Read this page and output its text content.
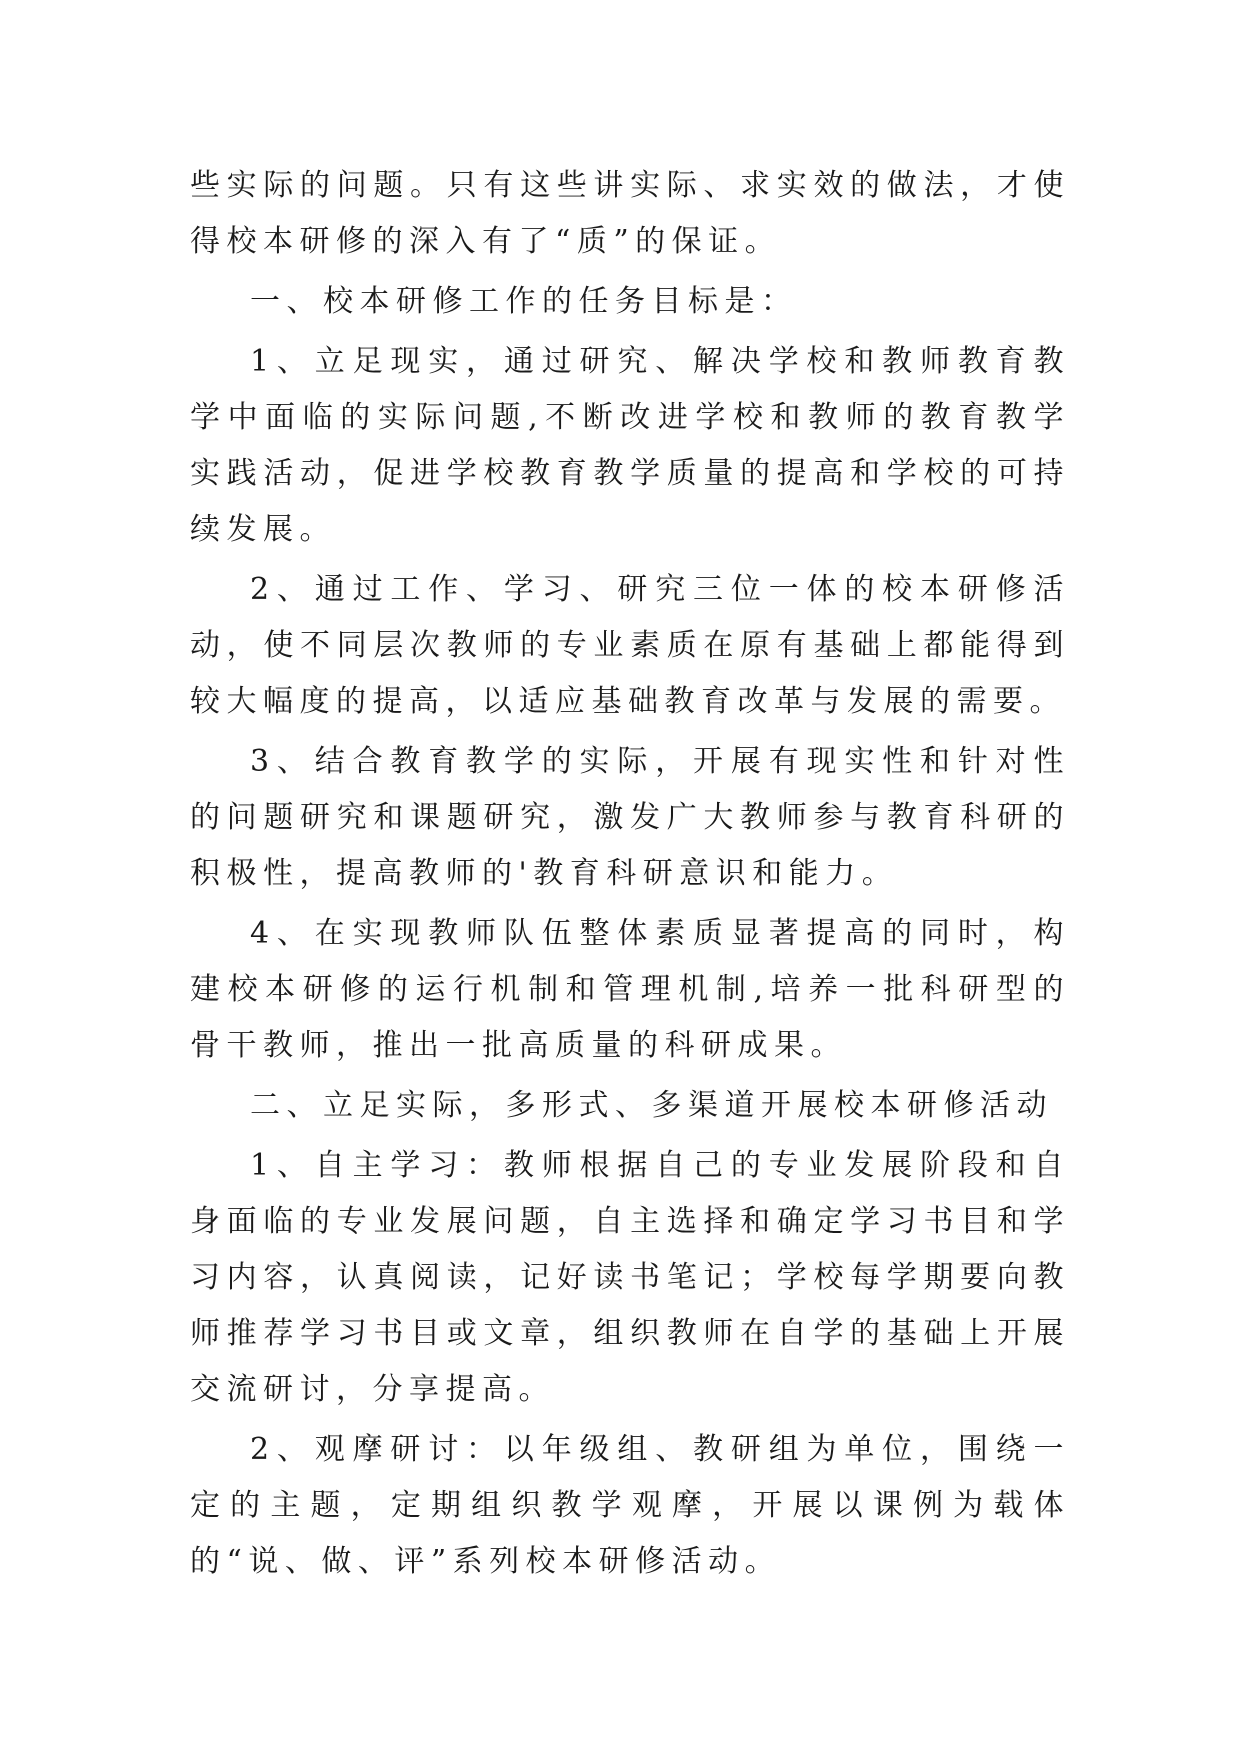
些实际的问题。只有这些讲实际、求实效的做法，才使得校本研修的深入有了“质”的保证。

一、校本研修工作的任务目标是：

1、立足现实，通过研究、解决学校和教师教育教学中面临的实际问题,不断改进学校和教师的教育教学实践活动，促进学校教育教学质量的提高和学校的可持续发展。

2、通过工作、学习、研究三位一体的校本研修活动，使不同层次教师的专业素质在原有基础上都能得到较大幅度的提高，以适应基础教育改革与发展的需要。

3、结合教育教学的实际，开展有现实性和针对性的问题研究和课题研究，激发广大教师参与教育科研的积极性，提高教师的'教育科研意识和能力。

4、在实现教师队伍整体素质显著提高的同时，构建校本研修的运行机制和管理机制,培养一批科研型的骨干教师，推出一批高质量的科研成果。

二、立足实际，多形式、多渠道开展校本研修活动

1、自主学习：教师根据自己的专业发展阶段和自身面临的专业发展问题，自主选择和确定学习书目和学习内容，认真阅读，记好读书笔记；学校每学期要向教师推荐学习书目或文章，组织教师在自学的基础上开展交流研讨，分享提高。

2、观摩研讨：以年级组、教研组为单位，围绕一定的主题，定期组织教学观摩，开展以课例为载体的“说、做、评”系列校本研修活动。
